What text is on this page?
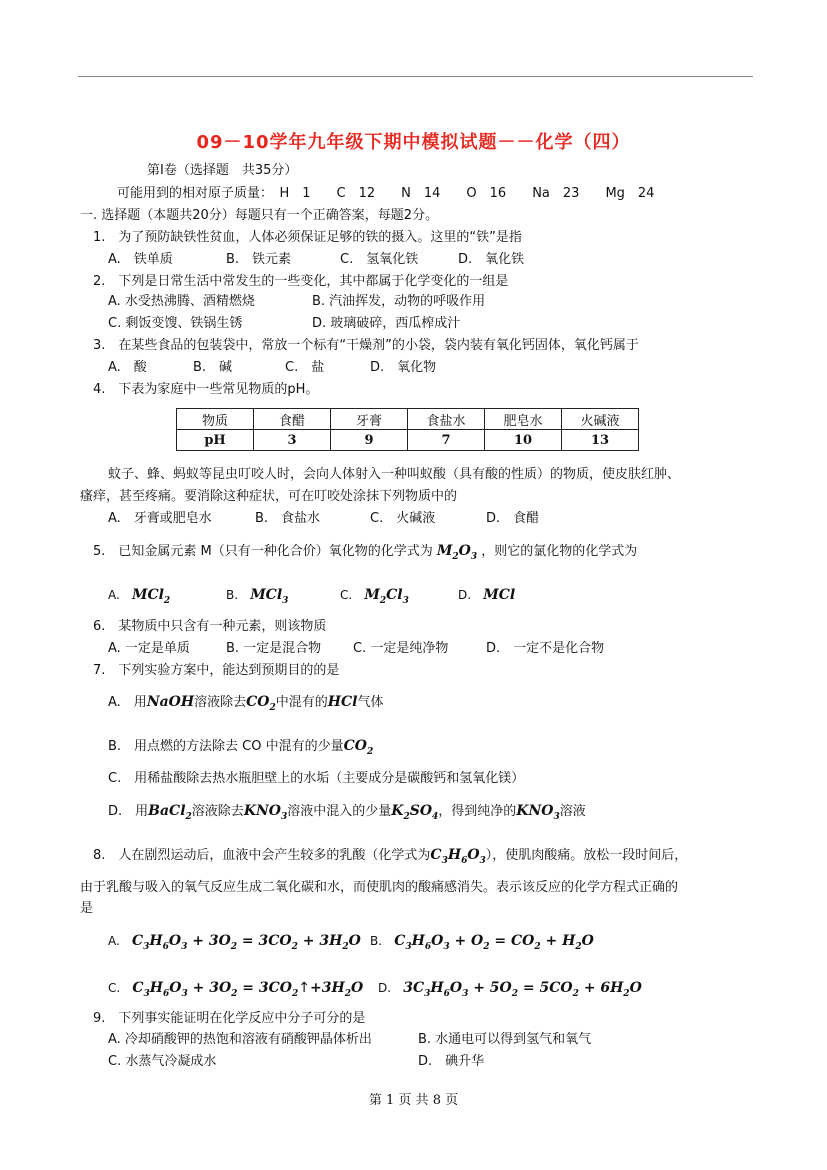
09－10学年九年级下期中模拟试题－－化学（四）
第Ⅰ卷（选择题　共35分）
可能用到的相对原子质量：　H　1　　C　12　　N　14　　O　16　　Na　23　　Mg　24
一. 选择题（本题共20分）每题只有一个正确答案，每题2分。
1.　为了预防缺铁性贫血，人体必须保证足够的铁的摄入。这里的“铁”是指
A.　铁单质	B.　铁元素	C.　氢氧化铁	D.　氧化铁
2.　下列是日常生活中常发生的一些变化，其中都属于化学变化的一组是
A. 水受热沸腾、酒精燃烧	B. 汽油挥发，动物的呼吸作用
C. 剩饭变馊、铁锅生锈	D. 玻璃破碎，西瓜榨成汁
3.　在某些食品的包装袋中，常放一个标有“干燥剂”的小袋，袋内装有氧化钙固体，氧化钙属于
A.　酸	B.　碱	C.　盐	D.　氧化物
4.　下表为家庭中一些常见物质的pH。
物质	食醋	牙膏	食盐水	肥皂水	火碱液
pH	3	9	7	10	13
蚊子、蜂、蚂蚁等昆虫叮咬人时，会向人体射入一种叫蚁酸（具有酸的性质）的物质，使皮肤红肿、
瘙痒，甚至疼痛。要消除这种症状，可在叮咬处涂抹下列物质中的
A.　牙膏或肥皂水	B.　食盐水	C.　火碱液	D.　食醋
5.　已知金属元素 M（只有一种化合价）氧化物的化学式为 $M_2O_3$ ，则它的氯化物的化学式为
A. MCl$_2$	B. MCl$_3$	C. $M_2Cl_3$	D. MCl
6.　某物质中只含有一种元素，则该物质
A. 一定是单质	B. 一定是混合物 C. 一定是纯净物	D.　一定不是化合物
7.　下列实验方案中，能达到预期目的的是
A.　用NaOH溶液除去$CO_2$中混有的HCl气体
B.　用点燃的方法除去 CO 中混有的少量$CO_2$
C.　用稀盐酸除去热水瓶胆壁上的水垢（主要成分是碳酸钙和氢氧化镁）
D.　用BaCl$_2$溶液除去$KNO_3$溶液中混入的少量$K_2SO_4$，得到纯净的$KNO_3$溶液
8.　人在剧烈运动后，血液中会产生较多的乳酸（化学式为$C_3H_6O_3$），使肌肉酸痛。放松一段时间后，
由于乳酸与吸入的氧气反应生成二氧化碳和水，而使肌肉的酸痛感消失。表示该反应的化学方程式正确的
是
A. $C_3H_6O_3 + 3O_2 = 3CO_2 + 3H_2O$ B. $C_3H_6O_3 + O_2 = CO_2 + H_2O$
C. $C_3H_6O_3 + 3O_2$ = $3CO_2↑+3H_2O$ D. $3C_3H_6O_3 + 5O_2 = 5CO_2 + 6H_2O$
9.　下列事实能证明在化学反应中分子可分的是
A. 冷却硝酸钾的热饱和溶液有硝酸钾晶体析出	B. 水通电可以得到氢气和氧气
C. 水蒸气冷凝成水	D.　碘升华
第 1 页 共 8 页
